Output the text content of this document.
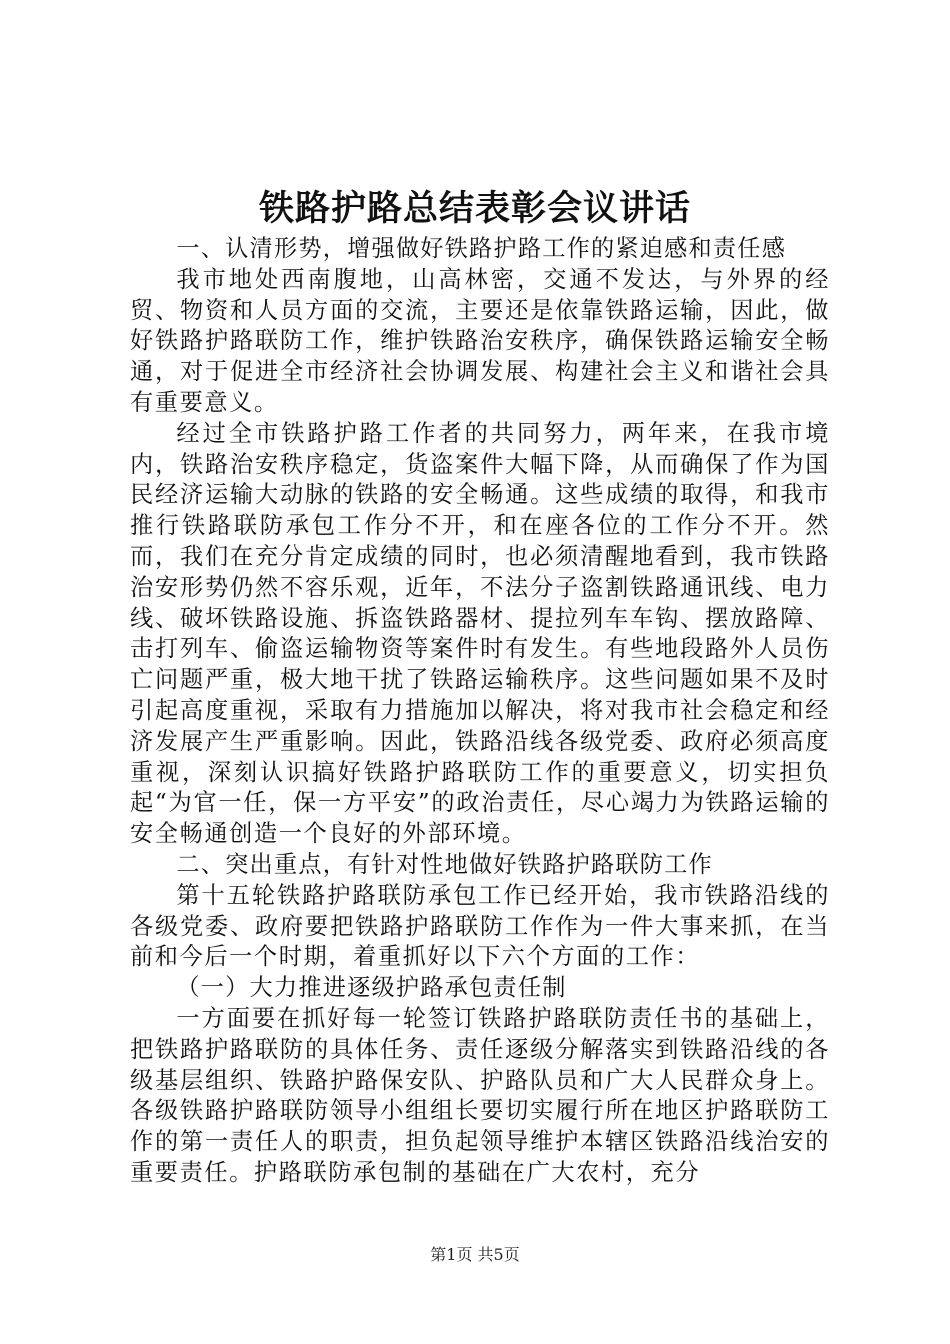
铁路护路总结表彰会议讲话

一、认清形势，增强做好铁路护路工作的紧迫感和责任感

我市地处西南腹地，山高林密，交通不发达，与外界的经贸、物资和人员方面的交流，主要还是依靠铁路运输，因此，做好铁路护路联防工作，维护铁路治安秩序，确保铁路运输安全畅通，对于促进全市经济社会协调发展、构建社会主义和谐社会具有重要意义。

经过全市铁路护路工作者的共同努力，两年来，在我市境内，铁路治安秩序稳定，货盗案件大幅下降，从而确保了作为国民经济运输大动脉的铁路的安全畅通。这些成绩的取得，和我市推行铁路联防承包工作分不开，和在座各位的工作分不开。然而，我们在充分肯定成绩的同时，也必须清醒地看到，我市铁路治安形势仍然不容乐观，近年，不法分子盗割铁路通讯线、电力线、破坏铁路设施、拆盗铁路器材、提拉列车车钩、摆放路障、击打列车、偷盗运输物资等案件时有发生。有些地段路外人员伤亡问题严重，极大地干扰了铁路运输秩序。这些问题如果不及时引起高度重视，采取有力措施加以解决，将对我市社会稳定和经济发展产生严重影响。因此，铁路沿线各级党委、政府必须高度重视，深刻认识搞好铁路护路联防工作的重要意义，切实担负起“为官一任，保一方平安”的政治责任，尽心竭力为铁路运输的安全畅通创造一个良好的外部环境。

二、突出重点，有针对性地做好铁路护路联防工作

第十五轮铁路护路联防承包工作已经开始，我市铁路沿线的各级党委、政府要把铁路护路联防工作作为一件大事来抓，在当前和今后一个时期，着重抓好以下六个方面的工作：

（一）大力推进逐级护路承包责任制

一方面要在抓好每一轮签订铁路护路联防责任书的基础上，把铁路护路联防的具体任务、责任逐级分解落实到铁路沿线的各级基层组织、铁路护路保安队、护路队员和广大人民群众身上。各级铁路护路联防领导小组组长要切实履行所在地区护路联防工作的第一责任人的职责，担负起领导维护本辖区铁路沿线治安的重要责任。护路联防承包制的基础在广大农村，充分

第1页 共5页
